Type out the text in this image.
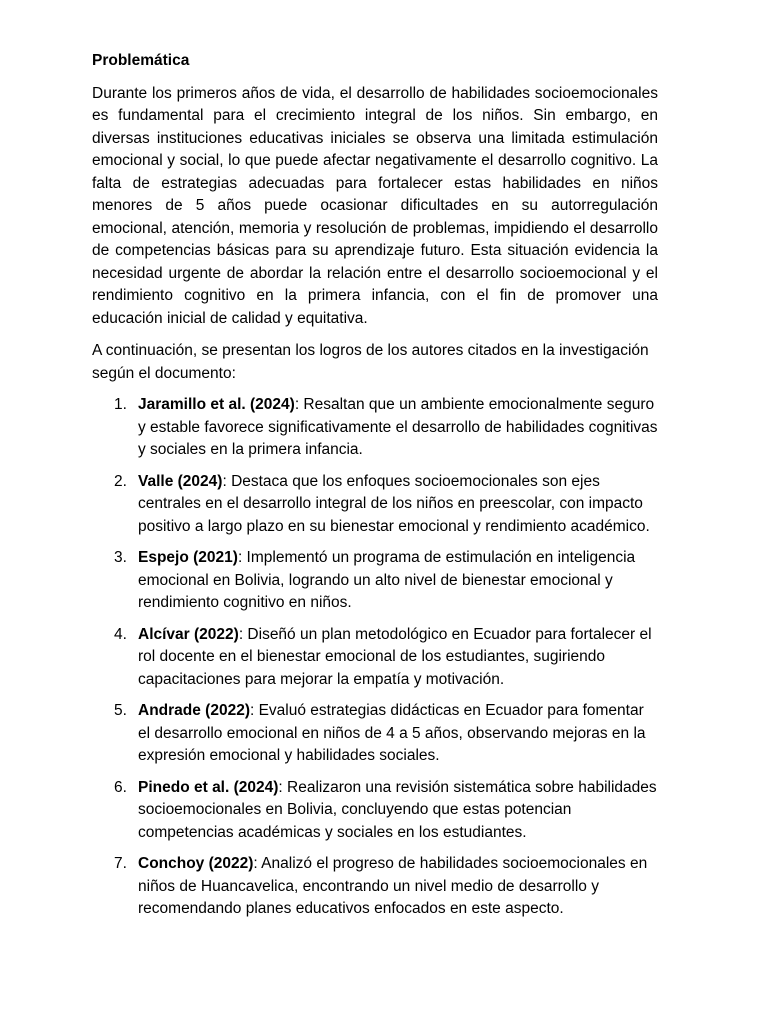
Problemática

Durante los primeros años de vida, el desarrollo de habilidades socioemocionales es fundamental para el crecimiento integral de los niños. Sin embargo, en diversas instituciones educativas iniciales se observa una limitada estimulación emocional y social, lo que puede afectar negativamente el desarrollo cognitivo. La falta de estrategias adecuadas para fortalecer estas habilidades en niños menores de 5 años puede ocasionar dificultades en su autorregulación emocional, atención, memoria y resolución de problemas, impidiendo el desarrollo de competencias básicas para su aprendizaje futuro. Esta situación evidencia la necesidad urgente de abordar la relación entre el desarrollo socioemocional y el rendimiento cognitivo en la primera infancia, con el fin de promover una educación inicial de calidad y equitativa.

A continuación, se presentan los logros de los autores citados en la investigación según el documento:

1. Jaramillo et al. (2024): Resaltan que un ambiente emocionalmente seguro y estable favorece significativamente el desarrollo de habilidades cognitivas y sociales en la primera infancia.
2. Valle (2024): Destaca que los enfoques socioemocionales son ejes centrales en el desarrollo integral de los niños en preescolar, con impacto positivo a largo plazo en su bienestar emocional y rendimiento académico.
3. Espejo (2021): Implementó un programa de estimulación en inteligencia emocional en Bolivia, logrando un alto nivel de bienestar emocional y rendimiento cognitivo en niños.
4. Alcívar (2022): Diseñó un plan metodológico en Ecuador para fortalecer el rol docente en el bienestar emocional de los estudiantes, sugiriendo capacitaciones para mejorar la empatía y motivación.
5. Andrade (2022): Evaluó estrategias didácticas en Ecuador para fomentar el desarrollo emocional en niños de 4 a 5 años, observando mejoras en la expresión emocional y habilidades sociales.
6. Pinedo et al. (2024): Realizaron una revisión sistemática sobre habilidades socioemocionales en Bolivia, concluyendo que estas potencian competencias académicas y sociales en los estudiantes.
7. Conchoy (2022): Analizó el progreso de habilidades socioemocionales en niños de Huancavelica, encontrando un nivel medio de desarrollo y recomendando planes educativos enfocados en este aspecto.
